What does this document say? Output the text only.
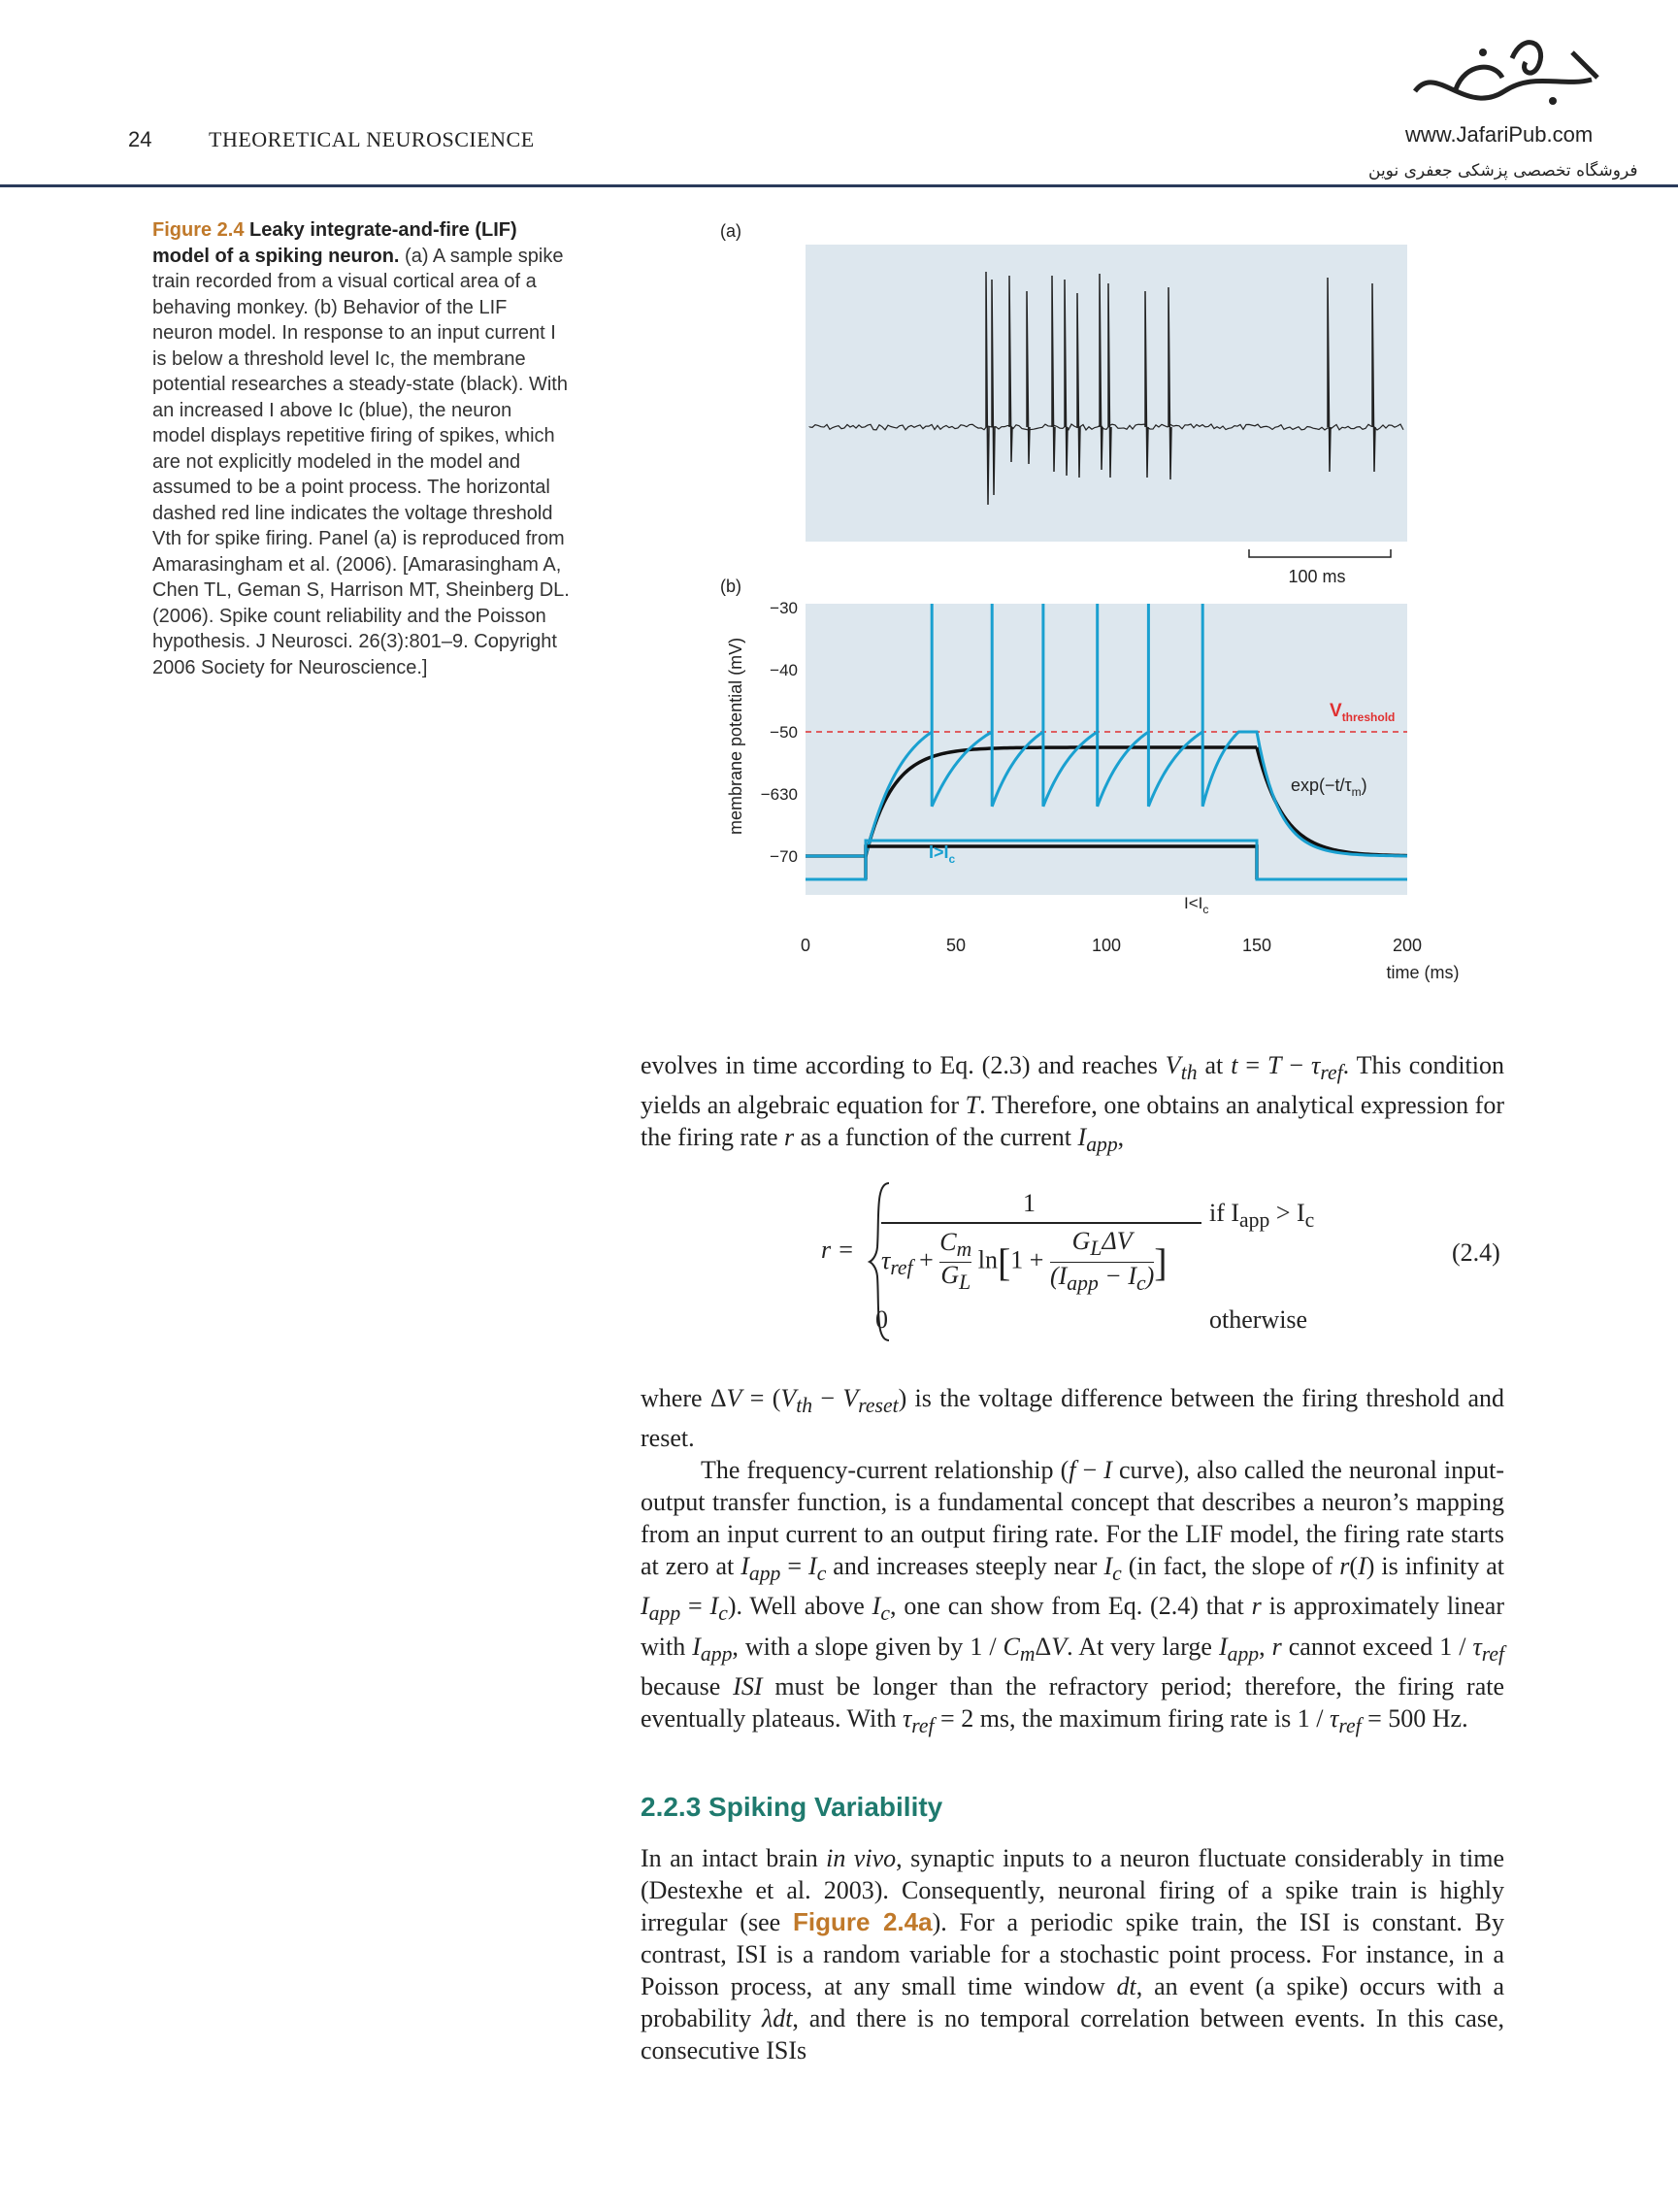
24	THEORETICAL NEUROSCIENCE	www.JafariPub.com
فروشگاه تخصصی پزشکی جعفری نوین
Figure 2.4 Leaky integrate-and-fire (LIF) model of a spiking neuron. (a) A sample spike train recorded from a visual cortical area of a behaving monkey. (b) Behavior of the LIF neuron model. In response to an input current I is below a threshold level Ic, the membrane potential researches a steady-state (black). With an increased I above Ic (blue), the neuron model displays repetitive firing of spikes, which are not explicitly modeled in the model and assumed to be a point process. The horizontal dashed red line indicates the voltage threshold Vth for spike firing. Panel (a) is reproduced from Amarasingham et al. (2006). [Amarasingham A, Chen TL, Geman S, Harrison MT, Sheinberg DL. (2006). Spike count reliability and the Poisson hypothesis. J Neurosci. 26(3):801–9. Copyright 2006 Society for Neuroscience.]
(a)
(b)	100 ms
−30
−40
−50
−630
−70
0	50	100	150	200
time (ms)
membrane potential (mV)	$V_{threshold}$
$\exp(-t/\tau_m)$
$I>I_c$
$I<I_c$

evolves in time according to Eq. (2.3) and reaches $V_{th}$ at $t = T - \tau_{ref}$. This condition yields an algebraic equation for T. Therefore, one obtains an analytical expression for the firing rate r as a function of the current $I_{app}$,

r =
1
$\tau_{ref} + \frac{C_m}{G_L} \ln[1$ +
$G_L\Delta V$
$(I_{app} - I_c)$ ]
if $I_{app} > I_c$
0	otherwise
(2.4)

where $\Delta V = (V_{th} - V_{reset})$ is the voltage difference between the firing threshold and reset.

The frequency-current relationship (f − I curve), also called the neuronal input-output transfer function, is a fundamental concept that describes a neuron’s mapping from an input current to an output firing rate. For the LIF model, the firing rate starts at zero at $I_{app} = I_c$ and increases steeply near $I_c$ (in fact, the slope of r(I) is infinity at $I_{app} = I_c$). Well above $I_c$, one can show from Eq. (2.4) that r is approximately linear with $I_{app}$, with a slope given by $1 / C_m\Delta V$. At very large $I_{app}$, r cannot exceed $1 / \tau_{ref}$ because ISI must be longer than the refractory period; therefore, the firing rate eventually plateaus. With $\tau_{ref} = 2$ ms, the maximum firing rate is $1 / \tau_{ref} = 500$ Hz.

2.2.3 Spiking Variability

In an intact brain in vivo, synaptic inputs to a neuron fluctuate considerably in time (Destexhe et al. 2003). Consequently, neuronal firing of a spike train is highly irregular (see Figure 2.4a). For a periodic spike train, the ISI is constant. By contrast, ISI is a random variable for a stochastic point process. For instance, in a Poisson process, at any small time window dt, an event (a spike) occurs with a probability λdt, and there is no temporal correlation between events. In this case, consecutive ISIs
